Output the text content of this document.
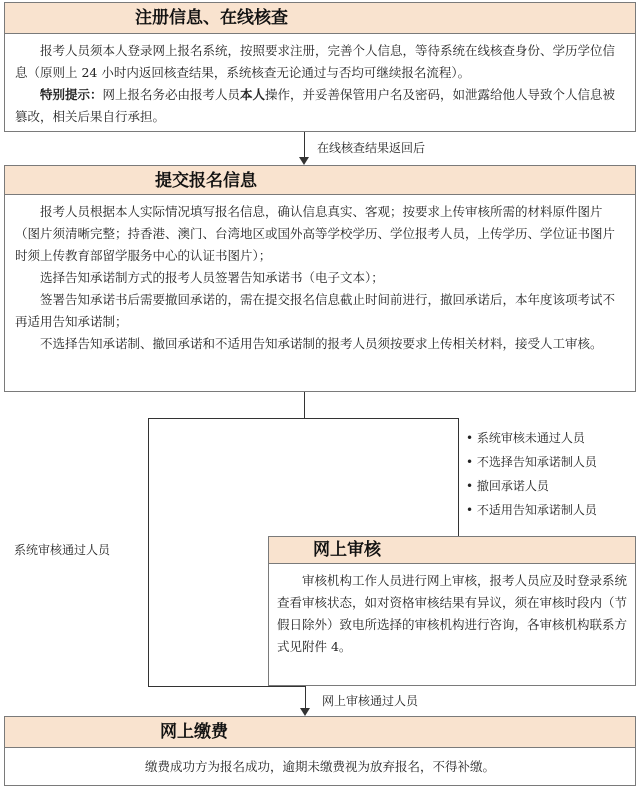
注册信息、在线核查

报考人员须本人登录网上报名系统，按照要求注册，完善个人信息，等待系统在线核查身份、学历学位信息（原则上 24 小时内返回核查结果，系统核查无论通过与否均可继续报名流程）。

特别提示：网上报名务必由报考人员本人操作，并妥善保管用户名及密码，如泄露给他人导致个人信息被篡改，相关后果自行承担。

在线核查结果返回后
提交报名信息

报考人员根据本人实际情况填写报名信息，确认信息真实、客观；按要求上传审核所需的材料原件图片（图片须清晰完整；持香港、澳门、台湾地区或国外高等学校学历、学位报考人员，上传学历、学位证书图片时须上传教育部留学服务中心的认证书图片）；

选择告知承诺制方式的报考人员签署告知承诺书（电子文本）；

签署告知承诺书后需要撤回承诺的，需在提交报名信息截止时间前进行，撤回承诺后，本年度该项考试不再适用告知承诺制；

不选择告知承诺制、撤回承诺和不适用告知承诺制的报考人员须按要求上传相关材料，接受人工审核。

系统审核通过人员
• 系统审核未通过人员
• 不选择告知承诺制人员
• 撤回承诺人员
• 不适用告知承诺制人员
网上审核

审核机构工作人员进行网上审核，报考人员应及时登录系统查看审核状态，如对资格审核结果有异议，须在审核时段内（节假日除外）致电所选择的审核机构进行咨询，各审核机构联系方式见附件 4。

网上审核通过人员
网上缴费

缴费成功方为报名成功，逾期未缴费视为放弃报名，不得补缴。
